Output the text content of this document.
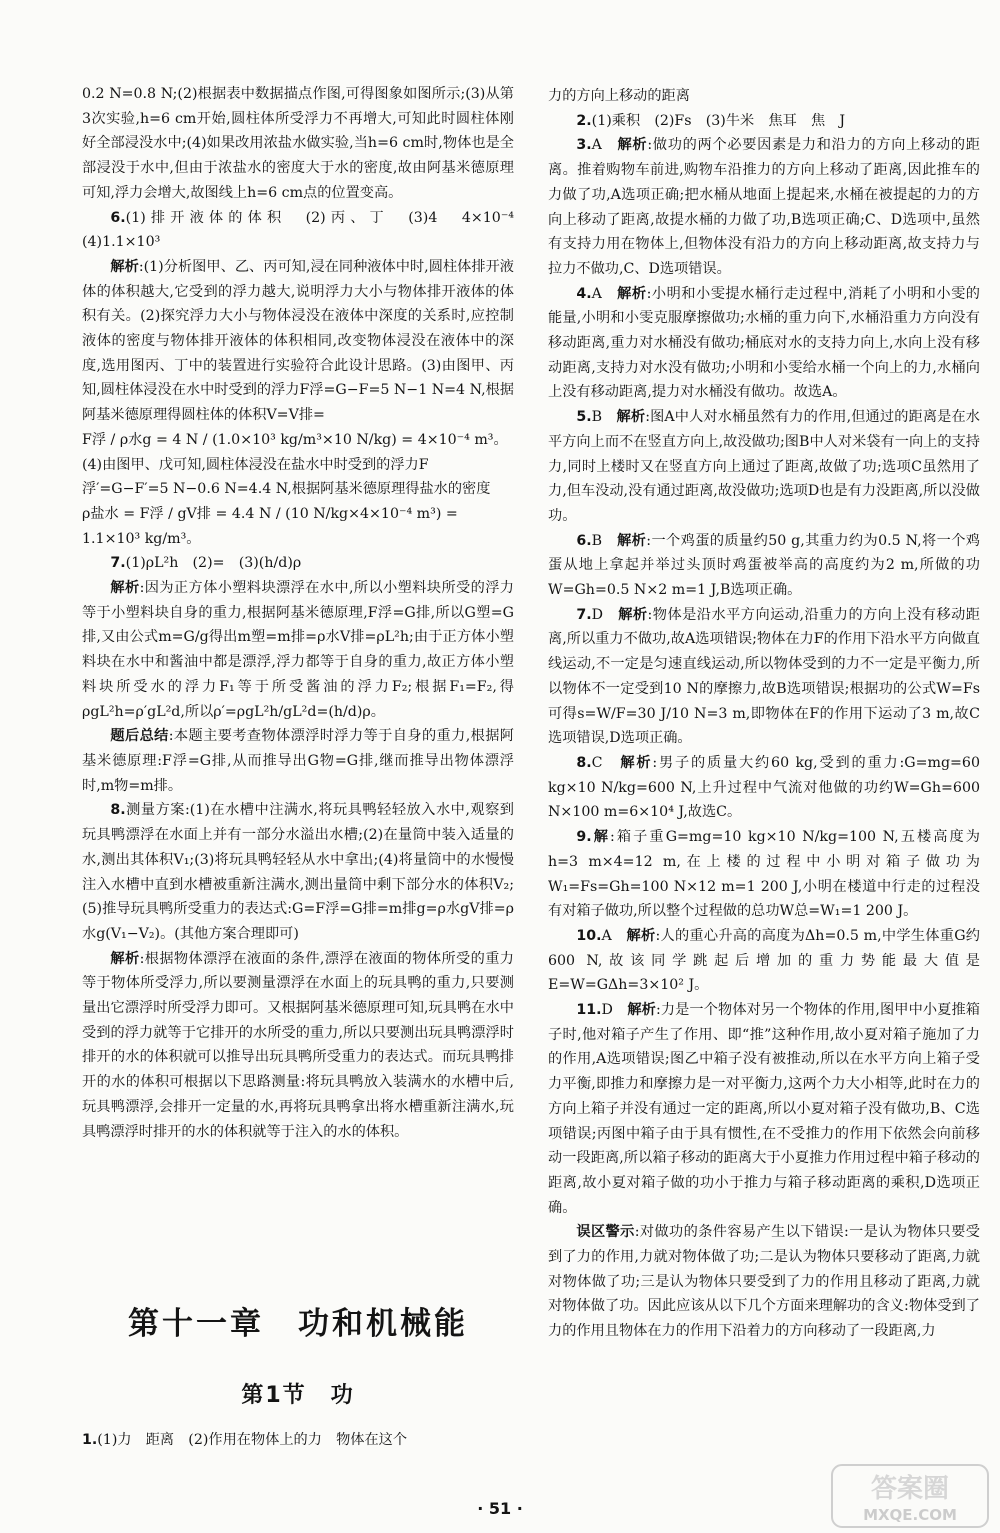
0.2 N=0.8 N;(2)根据表中数据描点作图,可得图象如图所示;(3)从第3次实验,h=6 cm开始,圆柱体所受浮力不再增大,可知此时圆柱体刚好全部浸没水中;(4)如果改用浓盐水做实验,当h=6 cm时,物体也是全部浸没于水中,但由于浓盐水的密度大于水的密度,故由阿基米德原理可知,浮力会增大,故图线上h=6 cm点的位置变高。

6.(1)排开液体的体积　(2)丙、丁　(3)4　4×10⁻⁴　(4)1.1×10³

解析:(1)分析图甲、乙、丙可知,浸在同种液体中时,圆柱体排开液体的体积越大,它受到的浮力越大,说明浮力大小与物体排开液体的体积有关。(2)探究浮力大小与物体浸没在液体中深度的关系时,应控制液体的密度与物体排开液体的体积相同,改变物体浸没在液体中的深度,选用图丙、丁中的装置进行实验符合此设计思路。(3)由图甲、丙知,圆柱体浸没在水中时受到的浮力F浮=G−F=5 N−1 N=4 N,根据阿基米德原理得圆柱体的体积V=V排=

F浮 / ρ水g = 4 N / (1.0×10³ kg/m³×10 N/kg) = 4×10⁻⁴ m³。(4)由图甲、戊可知,圆柱体浸没在盐水中时受到的浮力F浮′=G−F′=5 N−0.6 N=4.4 N,根据阿基米德原理得盐水的密度

ρ盐水 = F浮 / gV排 = 4.4 N / (10 N/kg×4×10⁻⁴ m³) = 1.1×10³ kg/m³。

7.(1)ρL²h　(2)=　(3)(h/d)ρ

解析:因为正方体小塑料块漂浮在水中,所以小塑料块所受的浮力等于小塑料块自身的重力,根据阿基米德原理,F浮=G排,所以G塑=G排,又由公式m=G/g得出m塑=m排=ρ水V排=ρL²h;由于正方体小塑料块在水中和酱油中都是漂浮,浮力都等于自身的重力,故正方体小塑料块所受水的浮力F₁等于所受酱油的浮力F₂;根据F₁=F₂,得ρgL²h=ρ′gL²d,所以ρ′=ρgL²h/gL²d=(h/d)ρ。

题后总结:本题主要考查物体漂浮时浮力等于自身的重力,根据阿基米德原理:F浮=G排,从而推导出G物=G排,继而推导出物体漂浮时,m物=m排。

8.测量方案:(1)在水槽中注满水,将玩具鸭轻轻放入水中,观察到玩具鸭漂浮在水面上并有一部分水溢出水槽;(2)在量筒中装入适量的水,测出其体积V₁;(3)将玩具鸭轻轻从水中拿出;(4)将量筒中的水慢慢注入水槽中直到水槽被重新注满水,测出量筒中剩下部分水的体积V₂;(5)推导玩具鸭所受重力的表达式:G=F浮=G排=m排g=ρ水gV排=ρ水g(V₁−V₂)。(其他方案合理即可)

解析:根据物体漂浮在液面的条件,漂浮在液面的物体所受的重力等于物体所受浮力,所以要测量漂浮在水面上的玩具鸭的重力,只要测量出它漂浮时所受浮力即可。又根据阿基米德原理可知,玩具鸭在水中受到的浮力就等于它排开的水所受的重力,所以只要测出玩具鸭漂浮时排开的水的体积就可以推导出玩具鸭所受重力的表达式。而玩具鸭排开的水的体积可根据以下思路测量:将玩具鸭放入装满水的水槽中后,玩具鸭漂浮,会排开一定量的水,再将玩具鸭拿出将水槽重新注满水,玩具鸭漂浮时排开的水的体积就等于注入的水的体积。

第十一章　功和机械能
第1节　功
1.(1)力　距离　(2)作用在物体上的力　物体在这个

力的方向上移动的距离

2.(1)乘积　(2)Fs　(3)牛米　焦耳　焦　J

3.A　 解析:做功的两个必要因素是力和沿力的方向上移动的距离。推着购物车前进,购物车沿推力的方向上移动了距离,因此推车的力做了功,A选项正确;把水桶从地面上提起来,水桶在被提起的力的方向上移动了距离,故提水桶的力做了功,B选项正确;C、D选项中,虽然有支持力用在物体上,但物体没有沿力的方向上移动距离,故支持力与拉力不做功,C、D选项错误。

4.A　 解析:小明和小雯提水桶行走过程中,消耗了小明和小雯的能量,小明和小雯克服摩擦做功;水桶的重力向下,水桶沿重力方向没有移动距离,重力对水桶没有做功;桶底对水的支持力向上,水向上没有移动距离,支持力对水没有做功;小明和小雯给水桶一个向上的力,水桶向上没有移动距离,提力对水桶没有做功。故选A。

5.B　 解析:图A中人对水桶虽然有力的作用,但通过的距离是在水平方向上而不在竖直方向上,故没做功;图B中人对米袋有一向上的支持力,同时上楼时又在竖直方向上通过了距离,故做了功;选项C虽然用了力,但车没动,没有通过距离,故没做功;选项D也是有力没距离,所以没做功。

6.B　 解析:一个鸡蛋的质量约50 g,其重力约为0.5 N,将一个鸡蛋从地上拿起并举过头顶时鸡蛋被举高的高度约为2 m,所做的功W=Gh=0.5 N×2 m=1 J,B选项正确。

7.D　 解析:物体是沿水平方向运动,沿重力的方向上没有移动距离,所以重力不做功,故A选项错误;物体在力F的作用下沿水平方向做直线运动,不一定是匀速直线运动,所以物体受到的力不一定是平衡力,所以物体不一定受到10 N的摩擦力,故B选项错误;根据功的公式W=Fs可得s=W/F=30 J/10 N=3 m,即物体在F的作用下运动了3 m,故C选项错误,D选项正确。

8.C　 解析:男子的质量大约60 kg,受到的重力:G=mg=60 kg×10 N/kg=600 N,上升过程中气流对他做的功约W=Gh=600 N×100 m=6×10⁴ J,故选C。

9.解:箱子重G=mg=10 kg×10 N/kg=100 N,五楼高度为h=3 m×4=12 m,在上楼的过程中小明对箱子做功为W₁=Fs=Gh=100 N×12 m=1 200 J,小明在楼道中行走的过程没有对箱子做功,所以整个过程做的总功W总=W₁=1 200 J。

10.A　 解析:人的重心升高的高度为Δh=0.5 m,中学生体重G约600 N,故该同学跳起后增加的重力势能最大值是E=W=GΔh=3×10² J。

11.D　 解析:力是一个物体对另一个物体的作用,图甲中小夏推箱子时,他对箱子产生了作用、即“推”这种作用,故小夏对箱子施加了力的作用,A选项错误;图乙中箱子没有被推动,所以在水平方向上箱子受力平衡,即推力和摩擦力是一对平衡力,这两个力大小相等,此时在力的方向上箱子并没有通过一定的距离,所以小夏对箱子没有做功,B、C选项错误;丙图中箱子由于具有惯性,在不受推力的作用下依然会向前移动一段距离,所以箱子移动的距离大于小夏推力作用过程中箱子移动的距离,故小夏对箱子做的功小于推力与箱子移动距离的乘积,D选项正确。

误区警示:对做功的条件容易产生以下错误:一是认为物体只要受到了力的作用,力就对物体做了功;二是认为物体只要移动了距离,力就对物体做了功;三是认为物体只要受到了力的作用且移动了距离,力就对物体做了功。因此应该从以下几个方面来理解功的含义:物体受到了力的作用且物体在力的作用下沿着力的方向移动了一段距离,力

· 51 ·
答案圈
MXQE.COM
